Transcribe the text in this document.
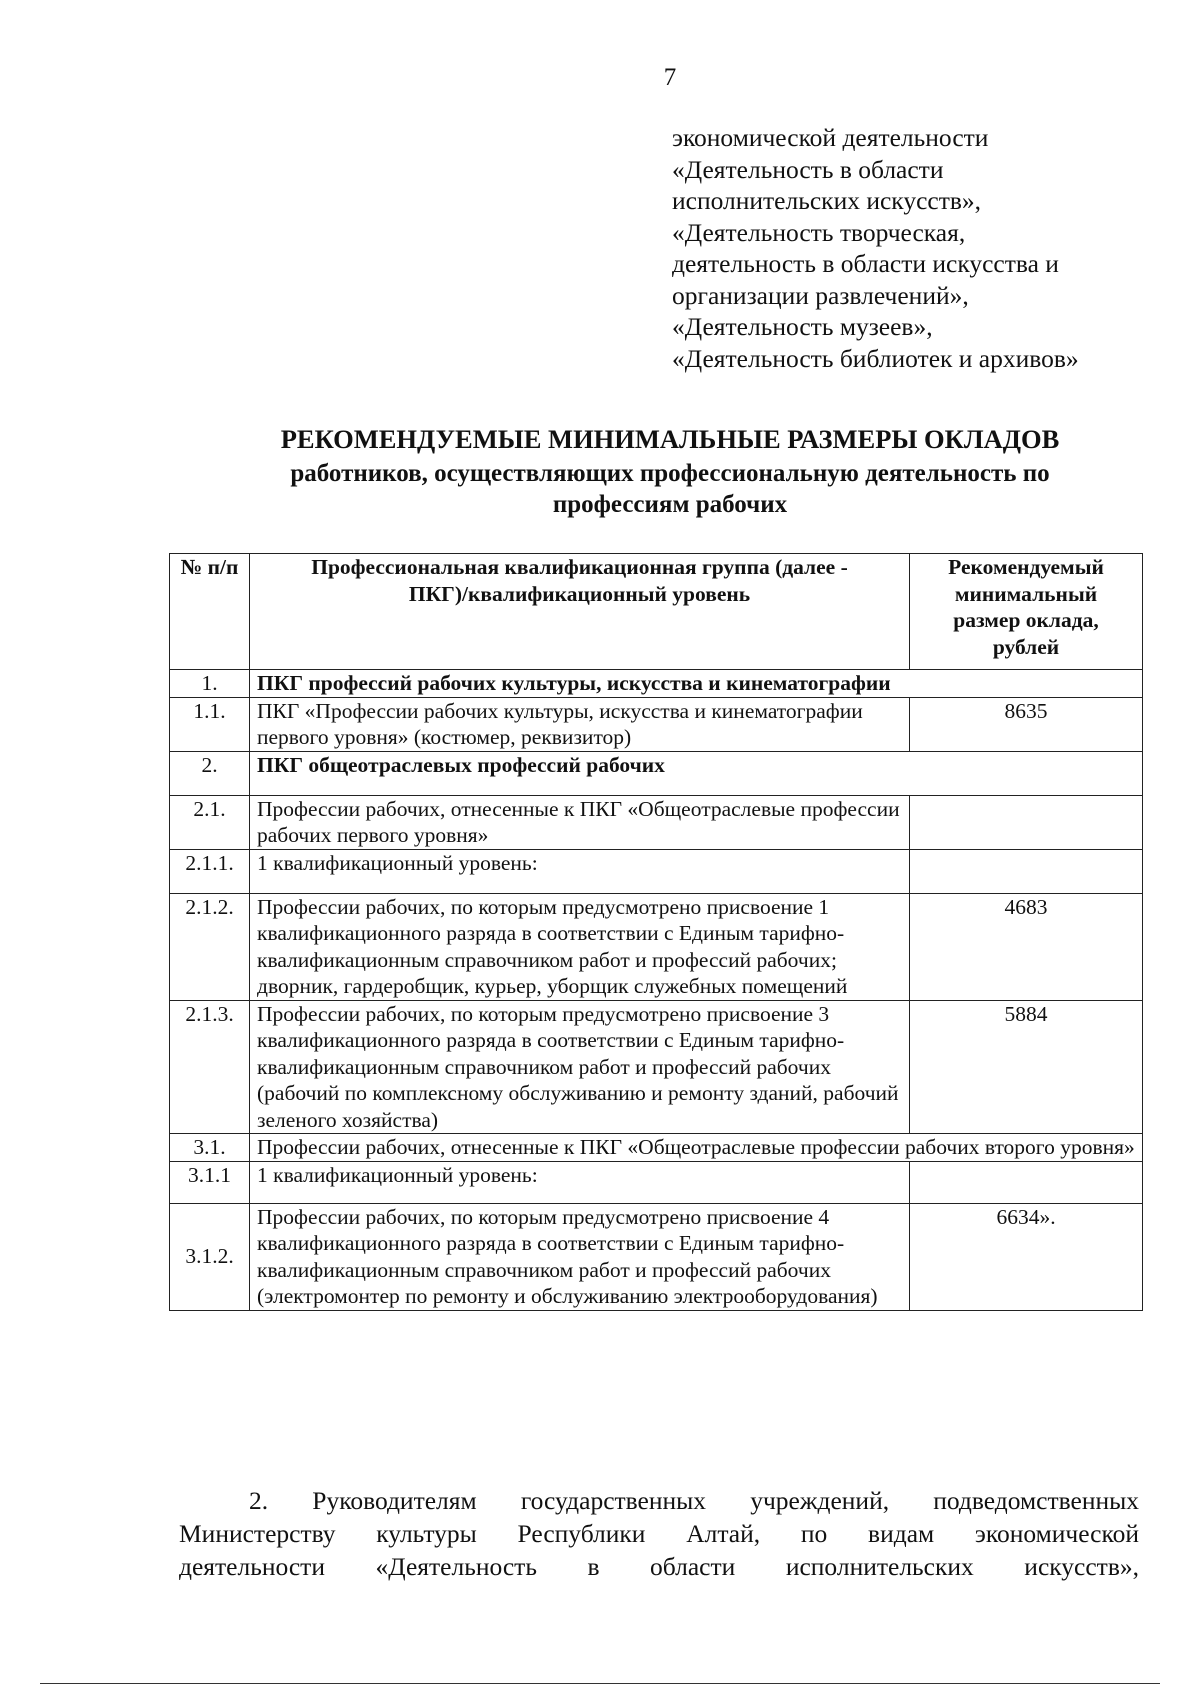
7
экономической деятельности
«Деятельность в области
исполнительских искусств»,
«Деятельность творческая,
деятельность в области искусства и
организации развлечений»,
«Деятельность музеев»,
«Деятельность библиотек и архивов»
РЕКОМЕНДУЕМЫЕ МИНИМАЛЬНЫЕ РАЗМЕРЫ ОКЛАДОВ
работников, осуществляющих профессиональную деятельность по
профессиям рабочих
№ п/п	Профессиональная квалификационная группа (далее - ПКГ)/квалификационный уровень	Рекомендуемый минимальный размер оклада, рублей
1.	ПКГ профессий рабочих культуры, искусства и кинематографии	
1.1.	ПКГ «Профессии рабочих культуры, искусства и кинематографии первого уровня» (костюмер, реквизитор)	8635
2.	ПКГ общеотраслевых профессий рабочих	
2.1.	Профессии рабочих, отнесенные к ПКГ «Общеотраслевые профессии рабочих первого уровня»	
2.1.1.	1 квалификационный уровень:	
2.1.2.	Профессии рабочих, по которым предусмотрено присвоение 1 квалификационного разряда в соответствии с Единым тарифно-квалификационным справочником работ и профессий рабочих; дворник, гардеробщик, курьер, уборщик служебных помещений	4683
2.1.3.	Профессии рабочих, по которым предусмотрено присвоение 3 квалификационного разряда в соответствии с Единым тарифно-квалификационным справочником работ и профессий рабочих (рабочий по комплексному обслуживанию и ремонту зданий, рабочий зеленого хозяйства)	5884
3.1.	Профессии рабочих, отнесенные к ПКГ «Общеотраслевые профессии рабочих второго уровня»	
3.1.1	1 квалификационный уровень:	
3.1.2.	Профессии рабочих, по которым предусмотрено присвоение 4 квалификационного разряда в соответствии с Единым тарифно-квалификационным справочником работ и профессий рабочих (электромонтер по ремонту и обслуживанию электрооборудования)	6634».
2. Руководителям государственных учреждений, подведомственных
Министерству культуры Республики Алтай, по видам экономической
деятельности «Деятельность в области исполнительских искусств»,
